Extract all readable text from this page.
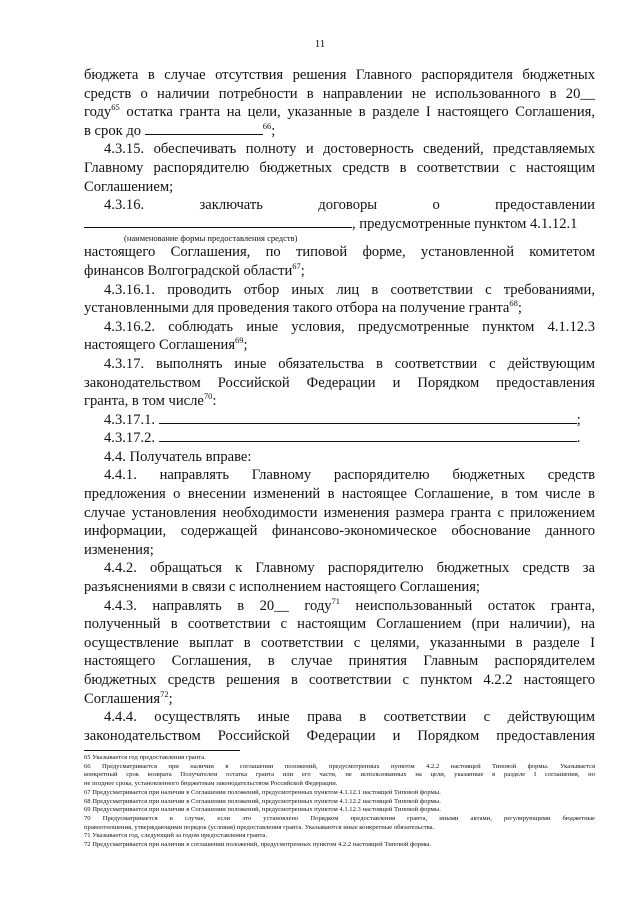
11
бюджета в случае отсутствия решения Главного распорядителя бюджетных
средств о наличии потребности в направлении не использованного в 20__
году$^{65}$ остатка гранта на цели, указанные в разделе I настоящего Соглашения,
в срок до	$^{66}$;
4.3.15. обеспечивать полноту и достоверность сведений, представляемых
Главному распорядителю бюджетных средств в соответствии с настоящим
Соглашением;
4.3.16.	заключать	договоры	о	предоставлении
, предусмотренные пунктом 4.1.12.1
(наименование формы предоставления средств)
настоящего Соглашения, по типовой форме, установленной комитетом
финансов Волгоградской области$^{67}$;
4.3.16.1. проводить отбор иных лиц в соответствии с требованиями,
установленными для проведения такого отбора на получение гранта$^{68}$;
4.3.16.2. соблюдать иные условия, предусмотренные пунктом 4.1.12.3
настоящего Соглашения$^{69}$;
4.3.17. выполнять иные обязательства в соответствии с действующим
законодательством Российской Федерации и Порядком предоставления
гранта, в том числе$^{70}$:
4.3.17.1.	;
4.3.17.2.	.
4.4. Получатель вправе:
4.4.1. направлять Главному распорядителю бюджетных средств
предложения о внесении изменений в настоящее Соглашение, в том числе в
случае установления необходимости изменения размера гранта с приложением
информации, содержащей финансово-экономическое обоснование данного
изменения;
4.4.2. обращаться к Главному распорядителю бюджетных средств за
разъяснениями в связи с исполнением настоящего Соглашения;
4.4.3. направлять в 20__ году$^{71}$ неиспользованный остаток гранта,
полученный в соответствии с настоящим Соглашением (при наличии), на
осуществление выплат в соответствии с целями, указанными в разделе I
настоящего Соглашения, в случае принятия Главным распорядителем
бюджетных средств решения в соответствии с пунктом 4.2.2 настоящего
Соглашения$^{72}$;
4.4.4. осуществлять иные права в соответствии с действующим
законодательством Российской Федерации и Порядком предоставления
65 Указывается год предоставления гранта.
66 Предусматривается при наличии в соглашении положений, предусмотренных пунктом 4.2.2 настоящей Типовой формы. Указывается
конкретный срок возврата Получателем остатка гранта или его части, не использованных на цели, указанные в разделе I соглашения, но
не позднее срока, установленного бюджетным законодательством Российской Федерации.
67 Предусматривается при наличии в Соглашении положений, предусмотренных пунктом 4.1.12.1 настоящей Типовой формы.
68 Предусматривается при наличии в Соглашении положений, предусмотренных пунктом 4.1.12.2 настоящей Типовой формы.
69 Предусматривается при наличии в Соглашении положений, предусмотренных пунктом 4.1.12.3 настоящей Типовой формы.
70 Предусматривается в случае, если это установлено Порядком предоставления гранта, иными актами, регулирующими бюджетные
правоотношения, утверждающими порядок (условия) предоставления гранта. Указываются иные конкретные обязательства.
71 Указывается год, следующий за годом предоставления гранта.
72 Предусматривается при наличии в соглашении положений, предусмотренных пунктом 4.2.2 настоящей Типовой формы.
